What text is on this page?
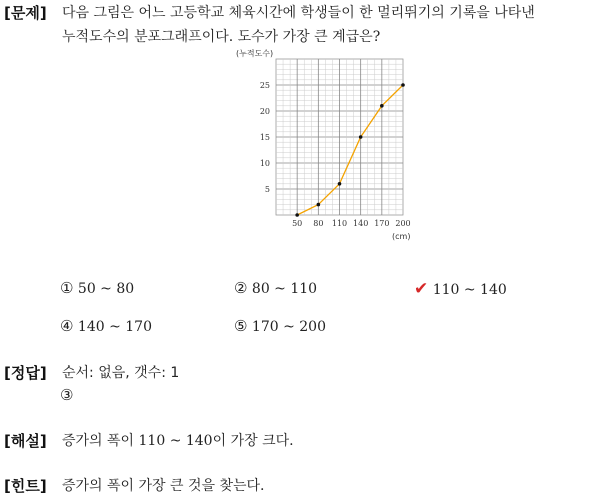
[문제] 다음 그림은 어느 고등학교 체육시간에 학생들이 한 멀리뛰기의 기록을 나타낸
누적도수의 분포그래프이다. 도수가 가장 큰 계급은?
5
10
15
20
25
50 80 110 140 170 200
(누적도수)
(cm)
① 50 ~ 80	② 80 ~ 110	✔ 110 ~ 140
④ 140 ~ 170	⑤ 170 ~ 200
[정답] 순서: 없음, 갯수: 1
③
[해설] 증가의 폭이 110 ~ 140이 가장 크다.
[힌트] 증가의 폭이 가장 큰 것을 찾는다.
